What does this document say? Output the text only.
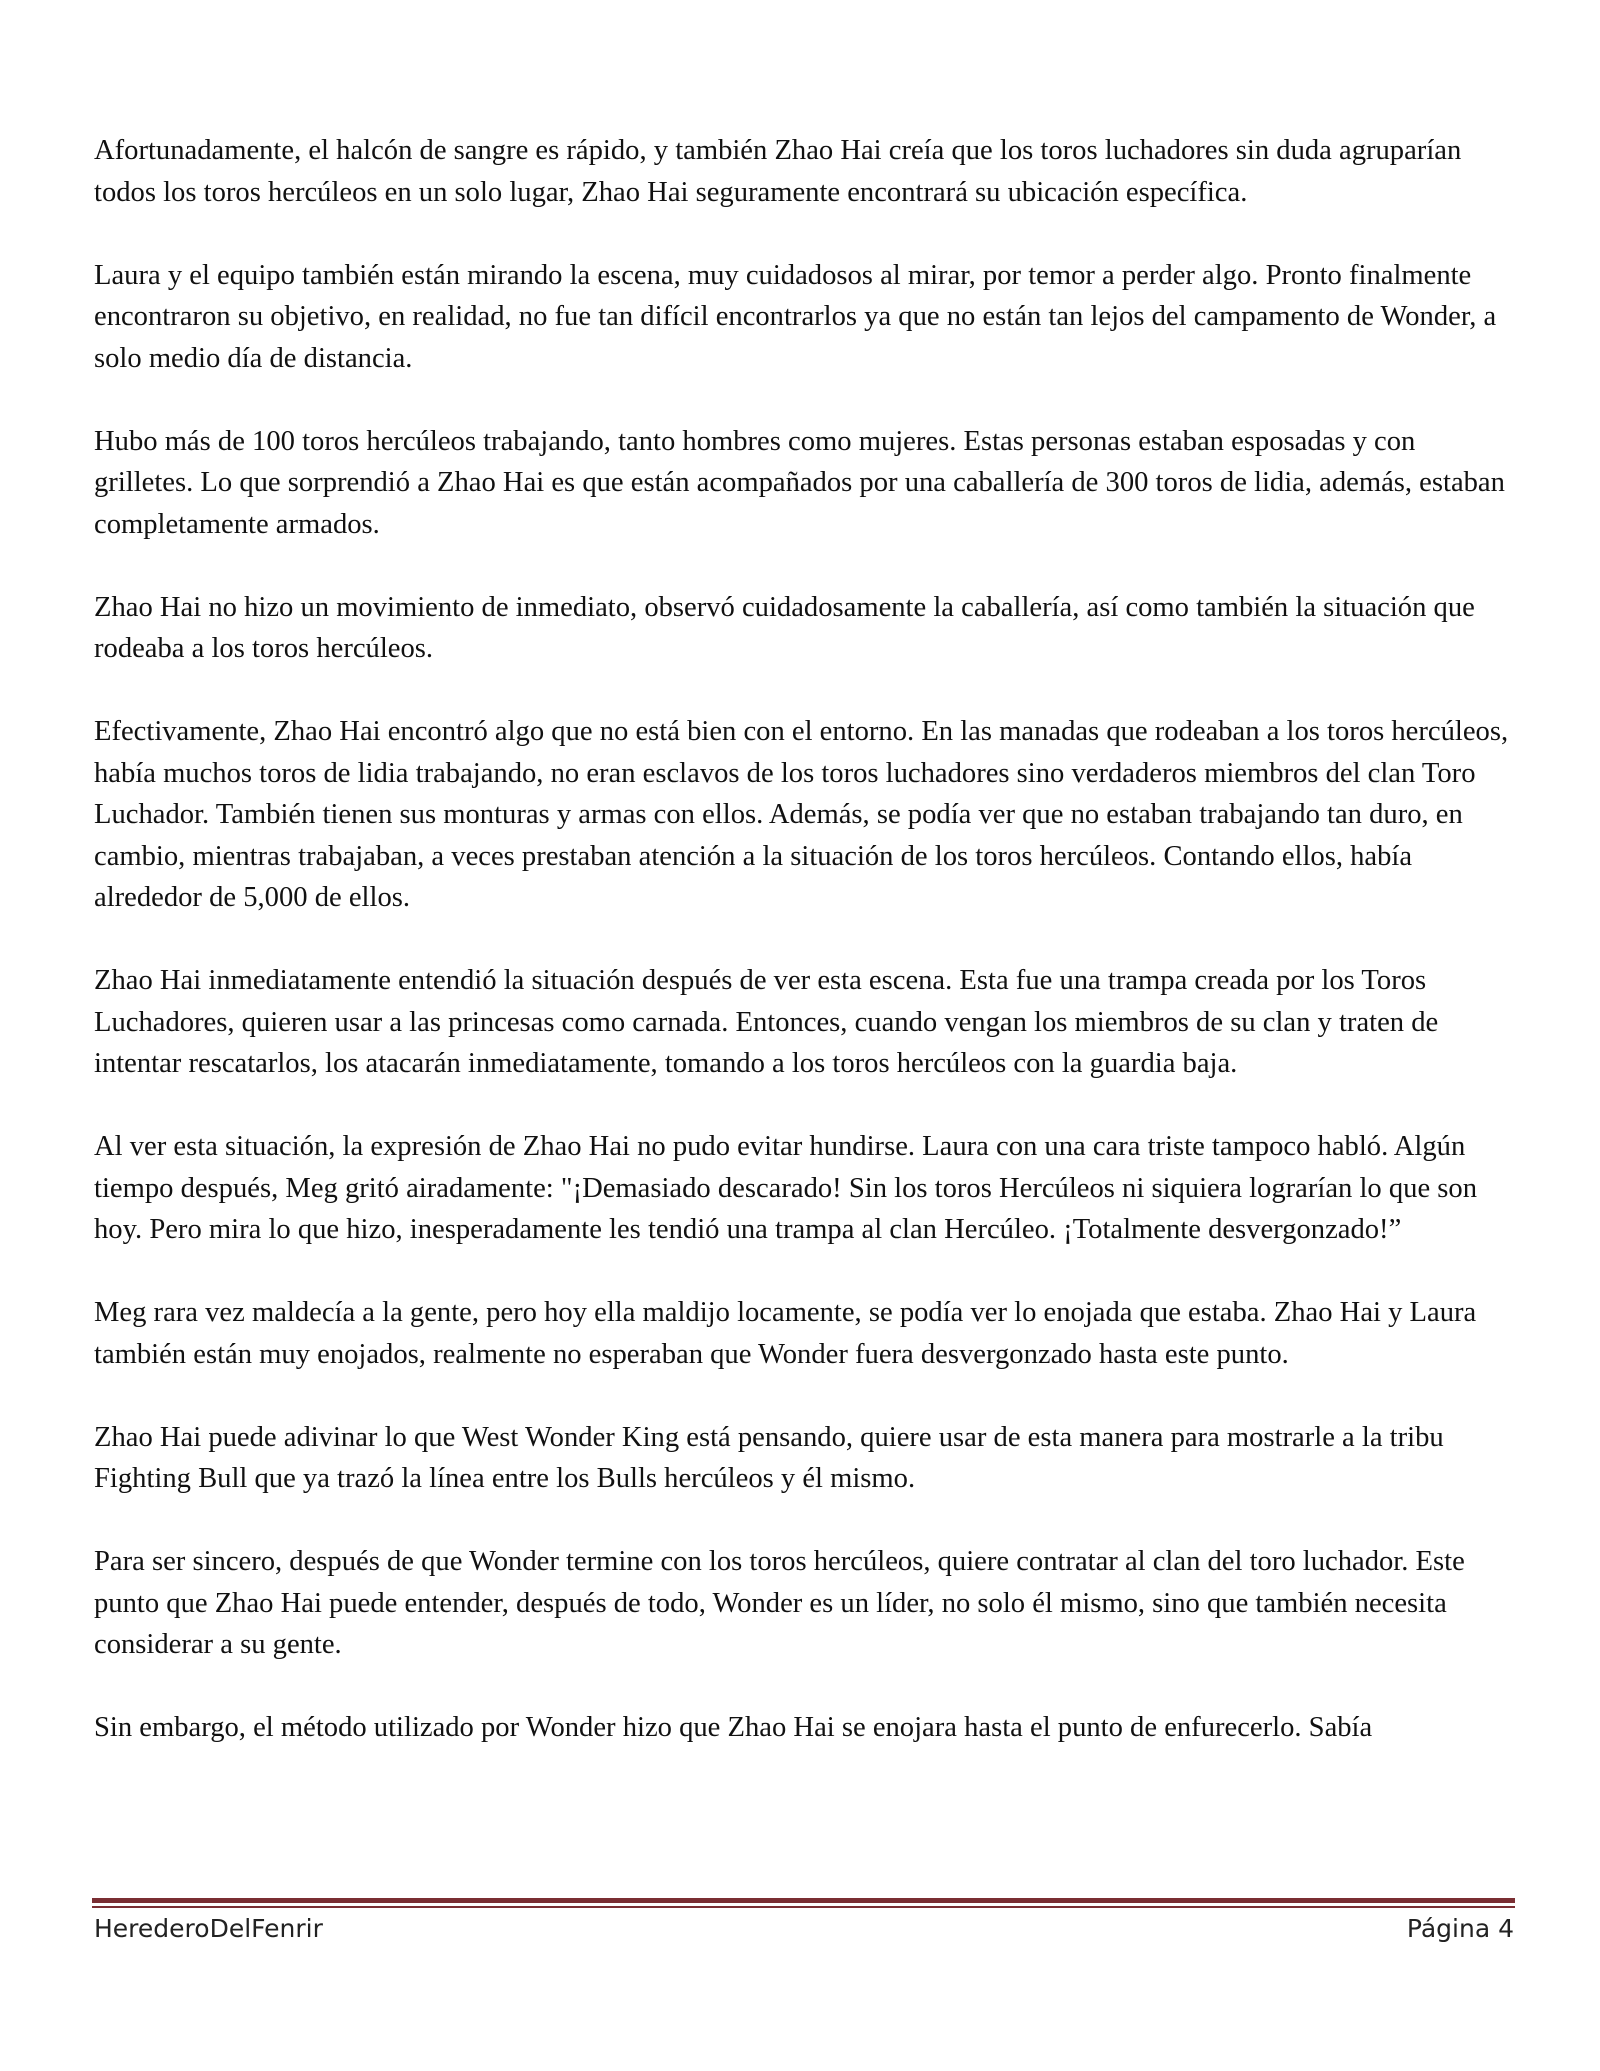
Afortunadamente, el halcón de sangre es rápido, y también Zhao Hai creía que los toros luchadores sin duda agruparían todos los toros hercúleos en un solo lugar, Zhao Hai seguramente encontrará su ubicación específica.

Laura y el equipo también están mirando la escena, muy cuidadosos al mirar, por temor a perder algo. Pronto finalmente encontraron su objetivo, en realidad, no fue tan difícil encontrarlos ya que no están tan lejos del campamento de Wonder, a solo medio día de distancia.

Hubo más de 100 toros hercúleos trabajando, tanto hombres como mujeres. Estas personas estaban esposadas y con grilletes. Lo que sorprendió a Zhao Hai es que están acompañados por una caballería de 300 toros de lidia, además, estaban completamente armados.

Zhao Hai no hizo un movimiento de inmediato, observó cuidadosamente la caballería, así como también la situación que rodeaba a los toros hercúleos.

Efectivamente, Zhao Hai encontró algo que no está bien con el entorno. En las manadas que rodeaban a los toros hercúleos, había muchos toros de lidia trabajando, no eran esclavos de los toros luchadores sino verdaderos miembros del clan Toro Luchador. También tienen sus monturas y armas con ellos. Además, se podía ver que no estaban trabajando tan duro, en cambio, mientras trabajaban, a veces prestaban atención a la situación de los toros hercúleos. Contando ellos, había alrededor de 5,000 de ellos.

Zhao Hai inmediatamente entendió la situación después de ver esta escena. Esta fue una trampa creada por los Toros Luchadores, quieren usar a las princesas como carnada. Entonces, cuando vengan los miembros de su clan y traten de intentar rescatarlos, los atacarán inmediatamente, tomando a los toros hercúleos con la guardia baja.

Al ver esta situación, la expresión de Zhao Hai no pudo evitar hundirse. Laura con una cara triste tampoco habló. Algún tiempo después, Meg gritó airadamente: "¡Demasiado descarado! Sin los toros Hercúleos ni siquiera lograrían lo que son hoy. Pero mira lo que hizo, inesperadamente les tendió una trampa al clan Hercúleo. ¡Totalmente desvergonzado!”

Meg rara vez maldecía a la gente, pero hoy ella maldijo locamente, se podía ver lo enojada que estaba. Zhao Hai y Laura también están muy enojados, realmente no esperaban que Wonder fuera desvergonzado hasta este punto.

Zhao Hai puede adivinar lo que West Wonder King está pensando, quiere usar de esta manera para mostrarle a la tribu Fighting Bull que ya trazó la línea entre los Bulls hercúleos y él mismo.

Para ser sincero, después de que Wonder termine con los toros hercúleos, quiere contratar al clan del toro luchador. Este punto que Zhao Hai puede entender, después de todo, Wonder es un líder, no solo él mismo, sino que también necesita considerar a su gente.

Sin embargo, el método utilizado por Wonder hizo que Zhao Hai se enojara hasta el punto de enfurecerlo. Sabía

HerederoDelFenrir	Página 4
